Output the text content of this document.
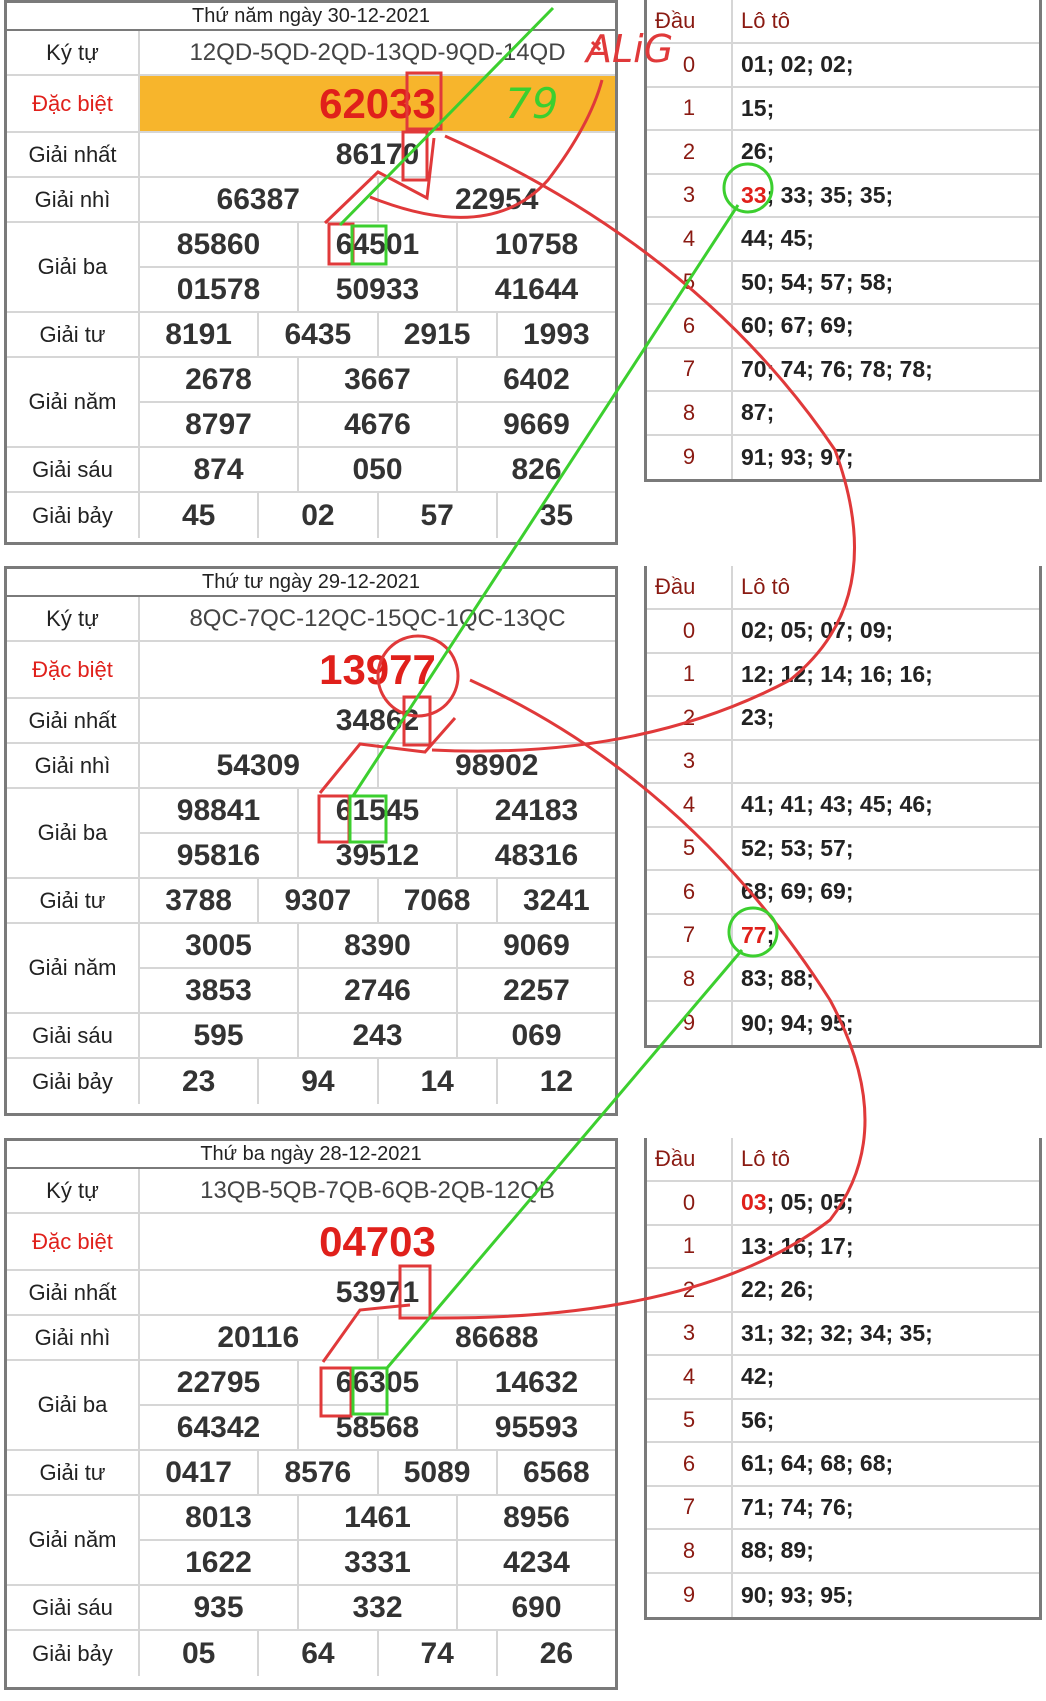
Thứ năm ngày 30-12-2021
Ký tự	12QD-5QD-2QD-13QD-9QD-14QD
Đặc biệt	62033
Giải nhất	86170
Giải nhì	66387	22954
Giải ba
85860	64501	10758
01578	50933	41644
Giải tư	8191	6435	2915	1993
Giải năm
2678	3667	6402
8797	4676	9669
Giải sáu	874	050	826
Giải bảy	45	02	57	35
Thứ tư ngày 29-12-2021
Ký tự	8QC-7QC-12QC-15QC-1QC-13QC
Đặc biệt	13977
Giải nhất	34862
Giải nhì	54309	98902
Giải ba
98841	61545	24183
95816	39512	48316
Giải tư	3788	9307	7068	3241
Giải năm
3005	8390	9069
3853	2746	2257
Giải sáu	595	243	069
Giải bảy	23	94	14	12
Thứ ba ngày 28-12-2021
Ký tự	13QB-5QB-7QB-6QB-2QB-12QB
Đặc biệt	04703
Giải nhất	53971
Giải nhì	20116	86688
Giải ba
22795	66305	14632
64342	58568	95593
Giải tư	0417	8576	5089	6568
Giải năm
8013	1461	8956
1622	3331	4234
Giải sáu	935	332	690
Giải bảy	05	64	74	26
Đầu	Lô tô
0	01; 02; 02;
1	15;
2	26;
3	33 ; 33; 35; 35;
4	44; 45;
5	50; 54; 57; 58;
6	60; 67; 69;
7	70; 74; 76; 78; 78;
8	87;
9	91; 93; 97;
Đầu	Lô tô
0	02; 05; 07; 09;
1	12; 12; 14; 16; 16;
2	23;
3
4	41; 41; 43; 45; 46;
5	52; 53; 57;
6	68; 69; 69;
7	77 ;
8	83; 88;
9	90; 94; 95;
Đầu	Lô tô
0	03 ; 05; 05;
1	13; 16; 17;
2	22; 26;
3	31; 32; 32; 34; 35;
4	42;
5	56;
6	61; 64; 68; 68;
7	71; 74; 76;
8	88; 89;
9	90; 93; 95;
ALiG
79
